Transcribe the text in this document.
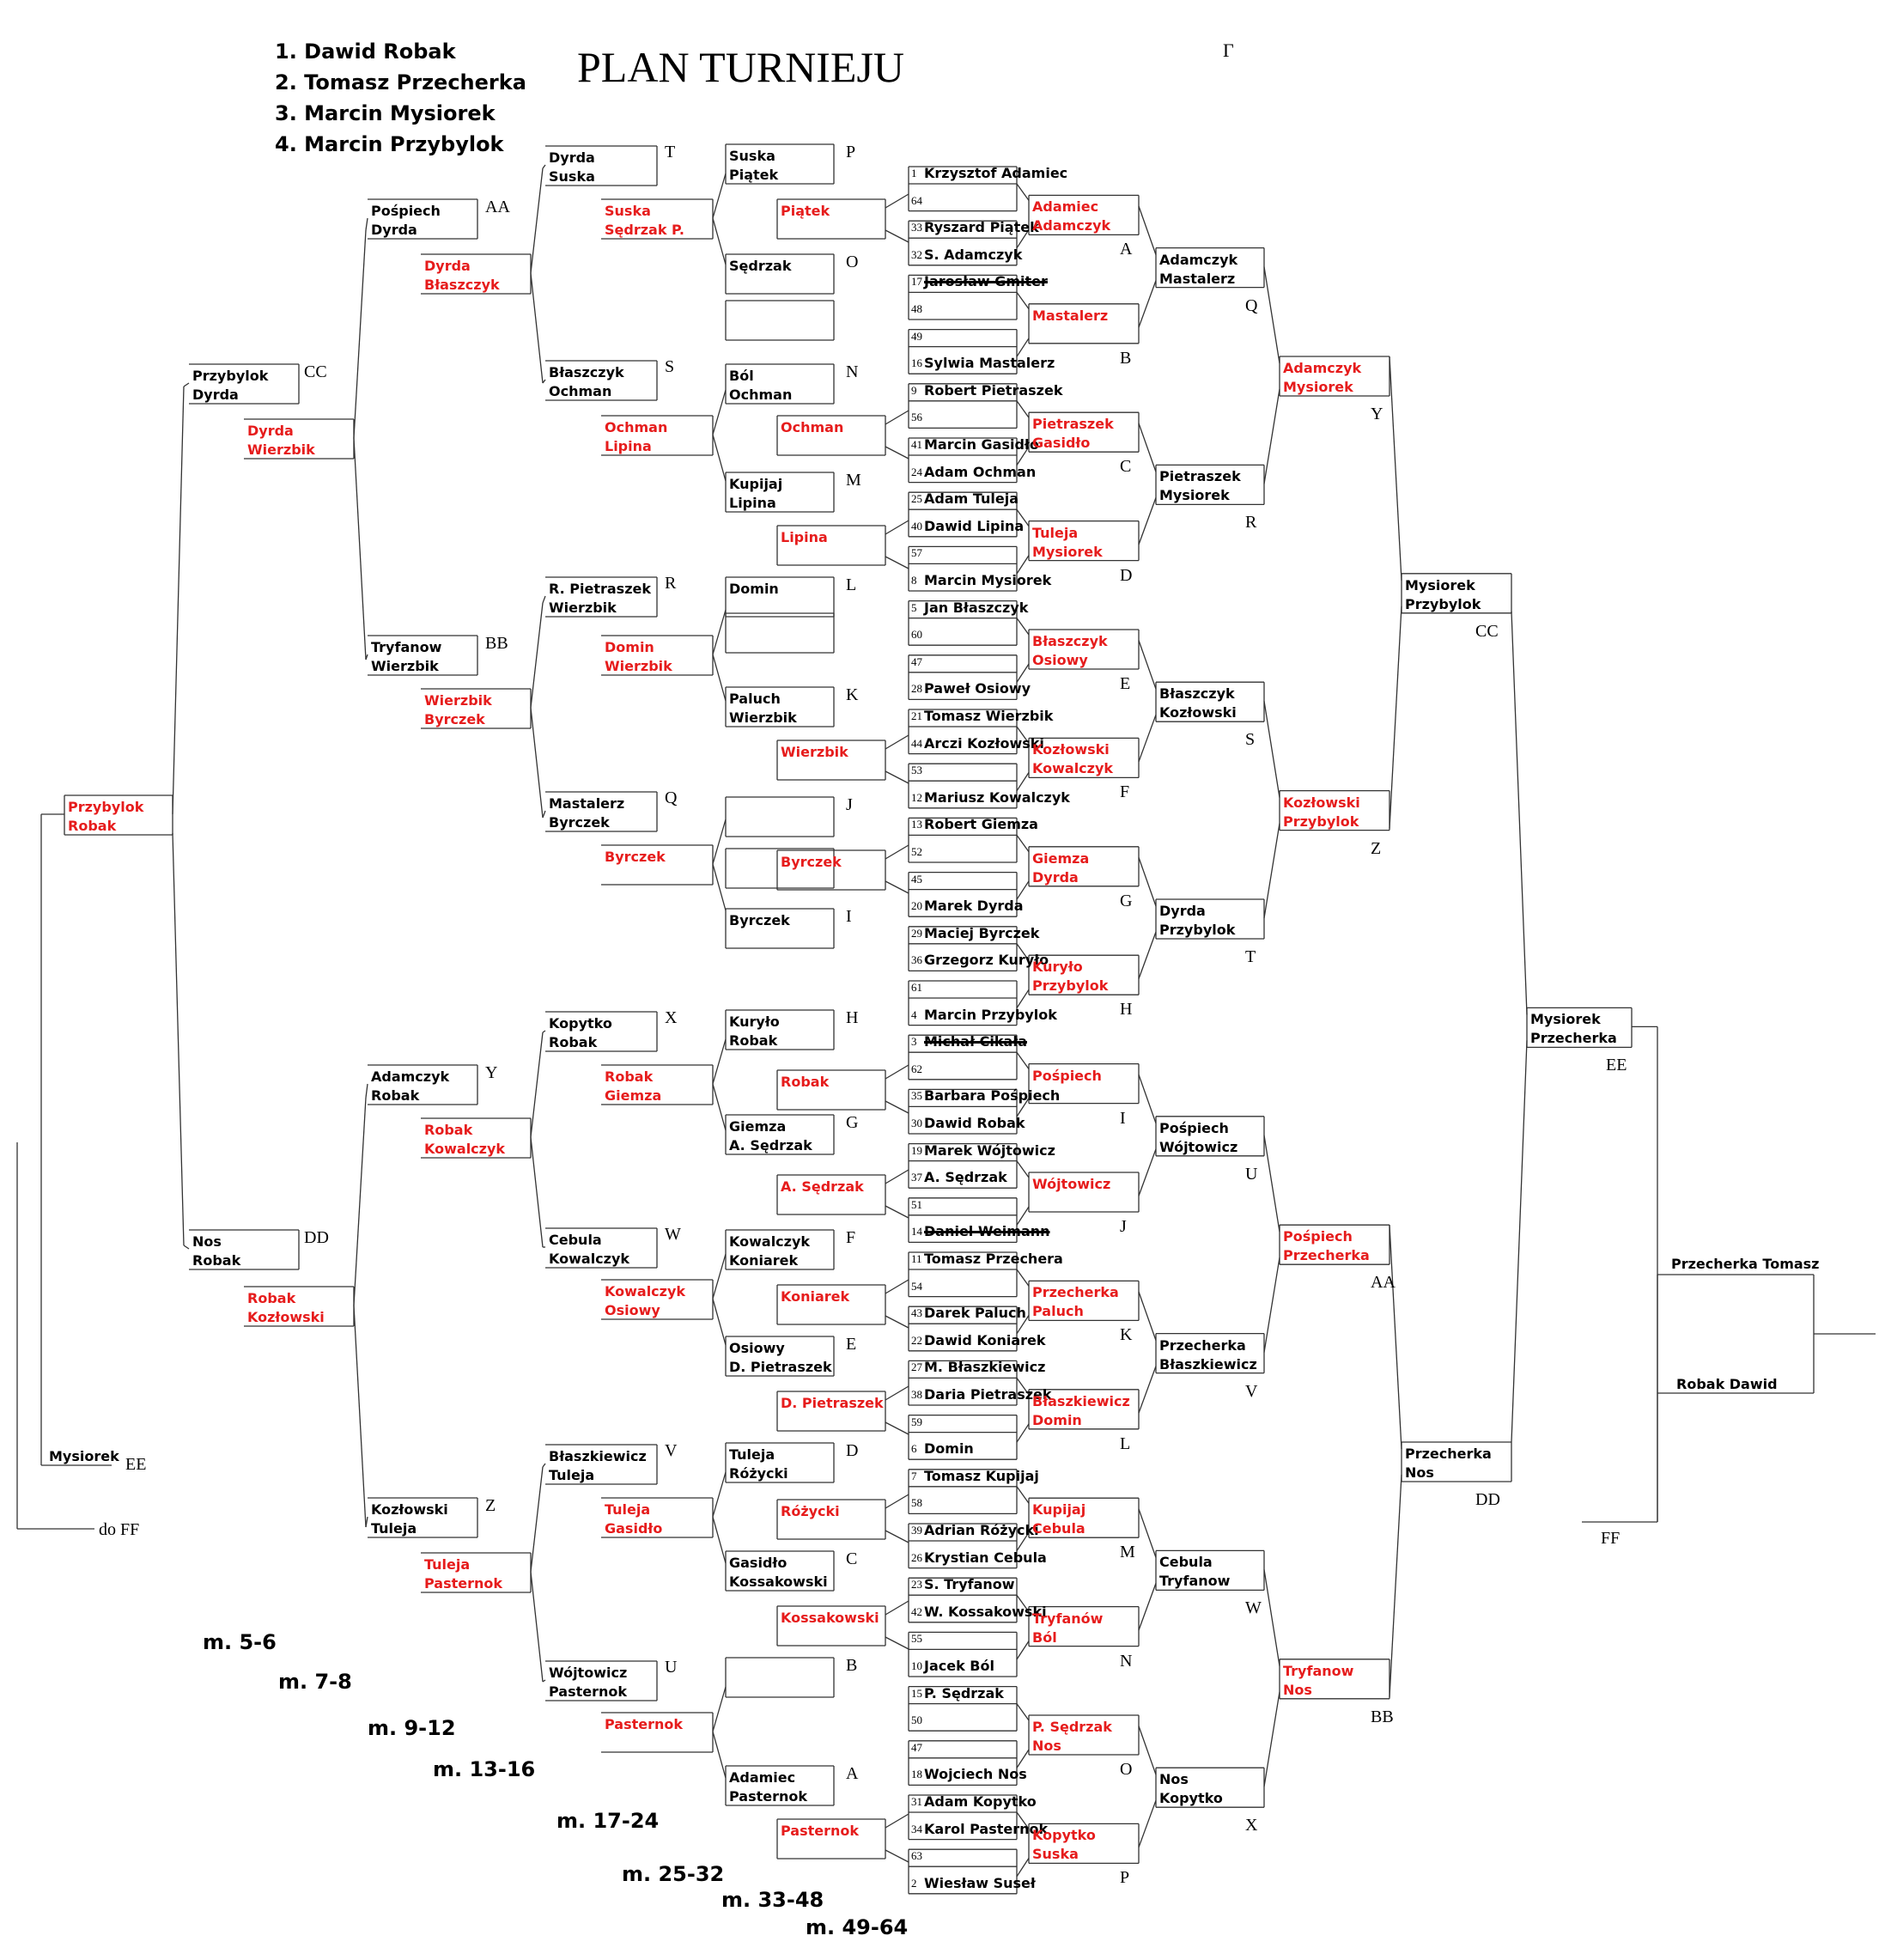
PLAN TURNIEJU	Γ
1. Dawid Robak
2. Tomasz Przecherka
3. Marcin Mysiorek
4. Marcin Przybylok
m. 5-6
m. 7-8
m. 9-12
m. 13-16
m. 17-24
m. 25-32
m. 33-48
m. 49-64
1 Krzysztof Adamiec
64
33 Ryszard Piątek
32 S. Adamczyk
17 Jarosław Gmiter
48
49
16 Sylwia Mastalerz
9 Robert Pietraszek
56
41 Marcin Gasidło
24 Adam Ochman
25 Adam Tuleja
40 Dawid Lipina
57
8 Marcin Mysiorek
5 Jan Błaszczyk
60
47
28 Paweł Osiowy
21 Tomasz Wierzbik
44 Arczi Kozłowski
53
12 Mariusz Kowalczyk
13 Robert Giemza
52
45
20 Marek Dyrda
29 Maciej Byrczek
36 Grzegorz Kuryło
61
4 Marcin Przybylok
3 Michał Cikała
62
35 Barbara Pośpiech
30 Dawid Robak
19 Marek Wójtowicz
37 A. Sędrzak
51
14 Daniel Weimann
11 Tomasz Przechera
54
43 Darek Paluch
22 Dawid Koniarek
27 M. Błaszkiewicz
38 Daria Pietraszek
59
6 Domin
7 Tomasz Kupijaj
58
39 Adrian Różycki
26 Krystian Cebula
23 S. Tryfanow
42 W. Kossakowski
55
10 Jacek Ból
15 P. Sędrzak
50
47
18 Wojciech Nos
31 Adam Kopytko
34 Karol Pasternok
63
2 Wiesław Suseł
Adamiec
Adamczyk
A
Mastalerz
B
Pietraszek
Gasidło
C
Tuleja
Mysiorek
D
Błaszczyk
Osiowy
E
Kozłowski
Kowalczyk
F
Giemza
Dyrda
G
Kuryło
Przybylok
H
Pośpiech
I
Wójtowicz
J
Przecherka
Paluch
K
Błaszkiewicz
Domin
L
Kupijaj
Cebula
M
Tryfanów
Ból
N
P. Sędrzak
Nos
O
Kopytko
Suska
P
Adamczyk
Mastalerz
Q
Pietraszek
Mysiorek
R
Błaszczyk
Kozłowski
S
Dyrda
Przybylok
T
Pośpiech
Wójtowicz
U
Przecherka
Błaszkiewicz
V
Cebula
Tryfanow
W
Nos
Kopytko
X
Adamczyk
Mysiorek
Y
Kozłowski
Przybylok
Z
Pośpiech
Przecherka
AA
Tryfanow
Nos
BB
Mysiorek
Przybylok
CC
Przecherka
Nos
DD
Mysiorek
Przecherka
EE
Przecherka Tomasz
Robak Dawid
FF
Suska
Piątek
P
Sędrzak	O
Ból
Ochman
N
Kupijaj
Lipina
M
Domin	L
Paluch
Wierzbik
K
J
Byrczek	I
Kuryło
Robak
H
Giemza
A. Sędrzak
G
Kowalczyk
Koniarek
F
Osiowy
D. Pietraszek
E
Tuleja
Różycki
D
Gasidło
Kossakowski
C
B
Adamiec
Pasternok
A
Piątek
Ochman
Lipina
Wierzbik
Byrczek
Robak
A. Sędrzak
Koniarek
D. Pietraszek
Różycki
Kossakowski
Pasternok
Dyrda
Suska
T
Suska
Sędrzak P.
Błaszczyk
Ochman
S
Ochman
Lipina
R. Pietraszek
Wierzbik
R
Domin
Wierzbik
Mastalerz
Byrczek
Q
Byrczek
Kopytko
Robak
X
Robak
Giemza
Cebula
Kowalczyk
W
Kowalczyk
Osiowy
Błaszkiewicz
Tuleja
V
Tuleja
Gasidło
Wójtowicz
Pasternok
U
Pasternok
Pośpiech
Dyrda
AA
Dyrda
Błaszczyk
Tryfanow
Wierzbik
BB
Wierzbik
Byrczek
Adamczyk
Robak
Y
Robak
Kowalczyk
Kozłowski
Tuleja
Z
Tuleja
Pasternok
Przybylok
Dyrda
CC
Dyrda
Wierzbik
Nos
Robak
DD
Robak
Kozłowski
Przybylok
Robak
Mysiorek EE
do FF
